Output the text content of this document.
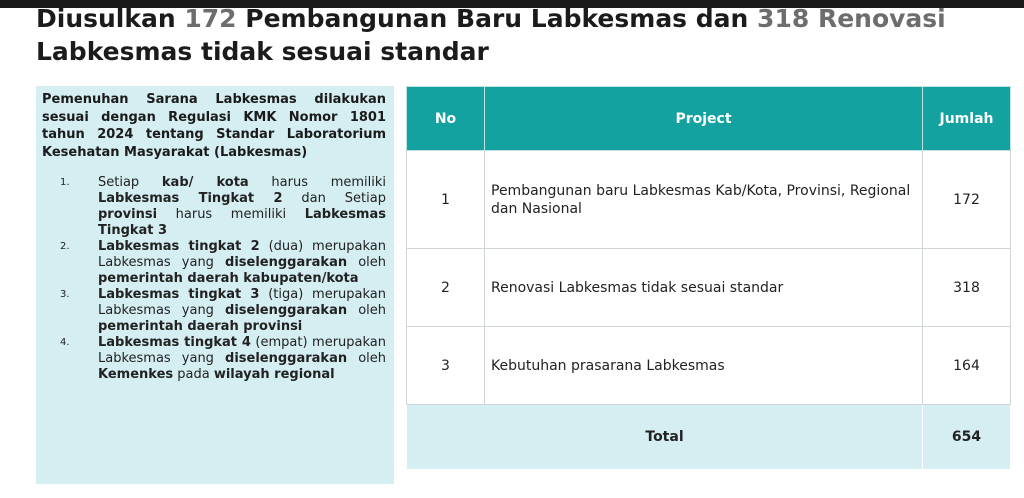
Diusulkan 172 Pembangunan Baru Labkesmas dan 318 Renovasi
Labkesmas tidak sesuai standar

Pemenuhan Sarana Labkesmas dilakukan sesuai dengan Regulasi KMK Nomor 1801 tahun 2024 tentang Standar Laboratorium Kesehatan Masyarakat (Labkesmas)

1.	Setiap kab/ kota harus memiliki Labkesmas Tingkat 2 dan Setiap provinsi harus memiliki Labkesmas Tingkat 3
2.	Labkesmas tingkat 2 (dua) merupakan Labkesmas yang diselenggarakan oleh pemerintah daerah kabupaten/kota
3.	Labkesmas tingkat 3 (tiga) merupakan Labkesmas yang diselenggarakan oleh pemerintah daerah provinsi
4.	Labkesmas tingkat 4 (empat) merupakan Labkesmas yang diselenggarakan oleh Kemenkes pada wilayah regional
No	Project	Jumlah
1	Pembangunan baru Labkesmas Kab/Kota, Provinsi, Regional dan Nasional	172
2	Renovasi Labkesmas tidak sesuai standar	318
3	Kebutuhan prasarana Labkesmas	164
Total		654
